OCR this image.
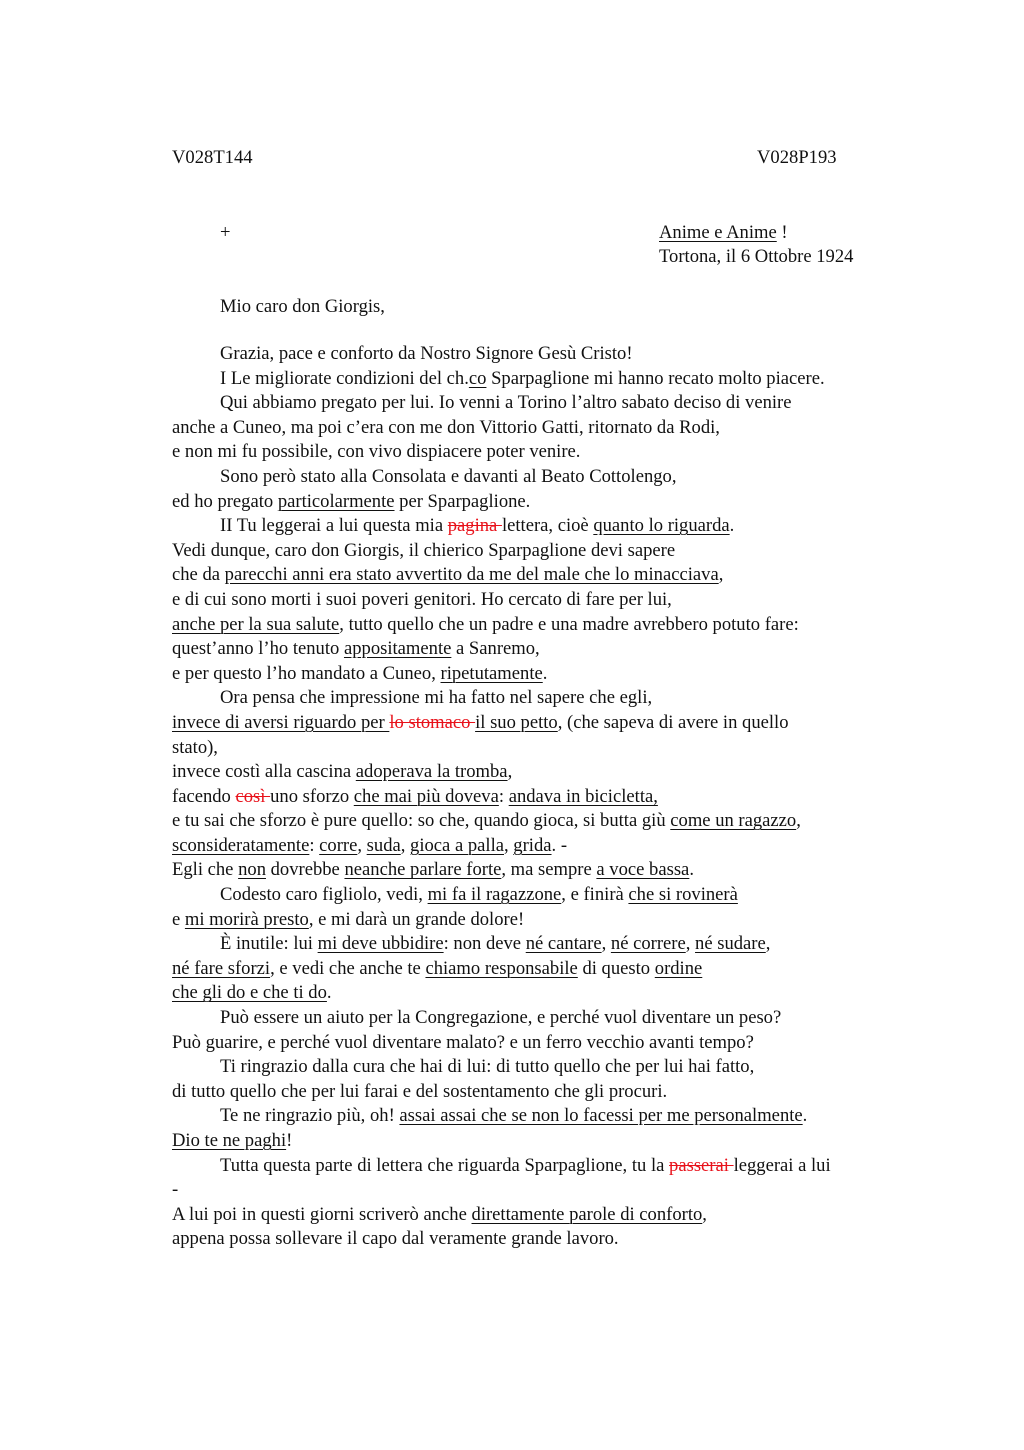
V028T144	V028P193
+	Anime e Anime !
Tortona, il 6 Ottobre 1924
Mio caro don Giorgis,
Grazia, pace e conforto da Nostro Signore Gesù Cristo!
I Le migliorate condizioni del ch.co Sparpaglione mi hanno recato molto piacere.
Qui abbiamo pregato per lui. Io venni a Torino l’altro sabato deciso di venire
anche a Cuneo, ma poi c’era con me don Vittorio Gatti, ritornato da Rodi,
e non mi fu possibile, con vivo dispiacere poter venire.
Sono però stato alla Consolata e davanti al Beato Cottolengo,
ed ho pregato particolarmente per Sparpaglione.
II Tu leggerai a lui questa mia pagina lettera, cioè quanto lo riguarda.
Vedi dunque, caro don Giorgis, il chierico Sparpaglione devi sapere
che da parecchi anni era stato avvertito da me del male che lo minacciava,
e di cui sono morti i suoi poveri genitori. Ho cercato di fare per lui,
anche per la sua salute, tutto quello che un padre e una madre avrebbero potuto fare:
quest’anno l’ho tenuto appositamente a Sanremo,
e per questo l’ho mandato a Cuneo, ripetutamente.
Ora pensa che impressione mi ha fatto nel sapere che egli,
invece di aversi riguardo per lo stomaco il suo petto, (che sapeva di avere in quello
stato),
invece costì alla cascina adoperava la tromba,
facendo così uno sforzo che mai più doveva: andava in bicicletta,
e tu sai che sforzo è pure quello: so che, quando gioca, si butta giù come un ragazzo,
sconsideratamente: corre, suda, gioca a palla, grida. -
Egli che non dovrebbe neanche parlare forte, ma sempre a voce bassa.
Codesto caro figliolo, vedi, mi fa il ragazzone, e finirà che si rovinerà
e mi morirà presto, e mi darà un grande dolore!
È inutile: lui mi deve ubbidire: non deve né cantare, né correre, né sudare,
né fare sforzi, e vedi che anche te chiamo responsabile di questo ordine
che gli do e che ti do.
Può essere un aiuto per la Congregazione, e perché vuol diventare un peso?
Può guarire, e perché vuol diventare malato? e un ferro vecchio avanti tempo?
Ti ringrazio dalla cura che hai di lui: di tutto quello che per lui hai fatto,
di tutto quello che per lui farai e del sostentamento che gli procuri.
Te ne ringrazio più, oh! assai assai che se non lo facessi per me personalmente.
Dio te ne paghi!
Tutta questa parte di lettera che riguarda Sparpaglione, tu la passerai leggerai a lui
-
A lui poi in questi giorni scriverò anche direttamente parole di conforto,
appena possa sollevare il capo dal veramente grande lavoro.
